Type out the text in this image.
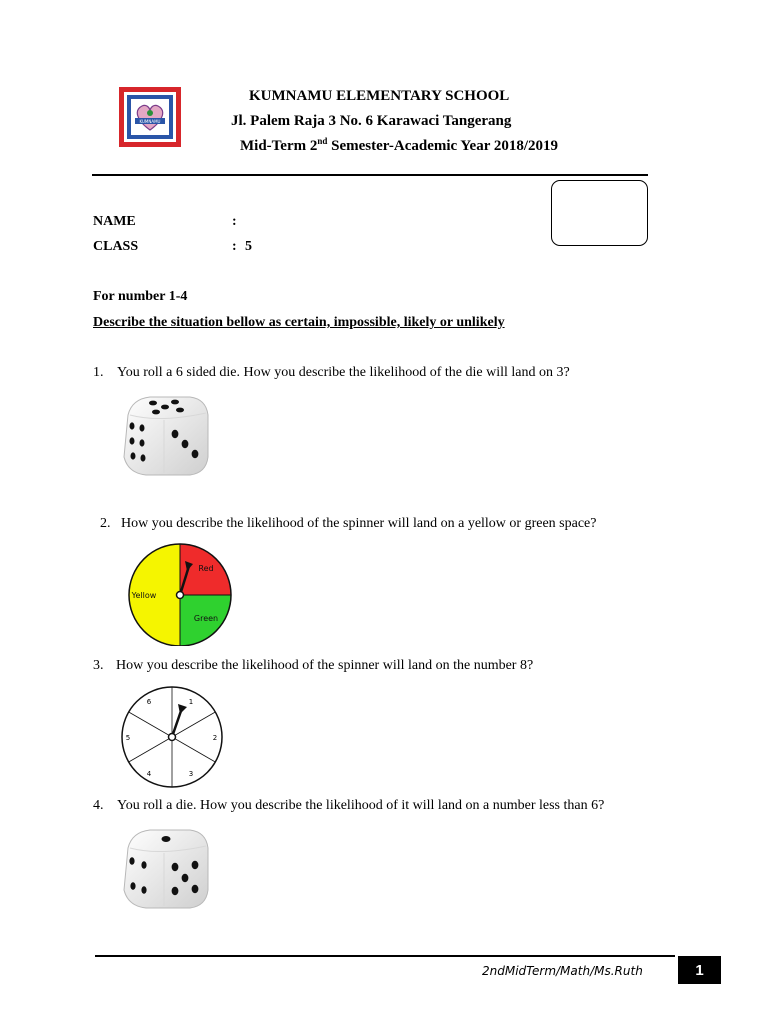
KUMNAMU
KUMNAMU ELEMENTARY SCHOOL
Jl. Palem Raja 3 No. 6 Karawaci Tangerang
Mid-Term 2nd Semester-Academic Year 2018/2019
NAME	:
CLASS	: 5
For number 1-4
Describe the situation bellow as certain, impossible, likely or unlikely
1. You roll a 6 sided die. How you describe the likelihood of the die will land on 3?
2. How you describe the likelihood of the spinner will land on a yellow or green space?
Red
Yellow
Green
3. How you describe the likelihood of the spinner will land on the number 8?
1
2
3
4
5
6
4. You roll a die. How you describe the likelihood of it will land on a number less than 6?
2ndMidTerm/Math/Ms.Ruth	1
